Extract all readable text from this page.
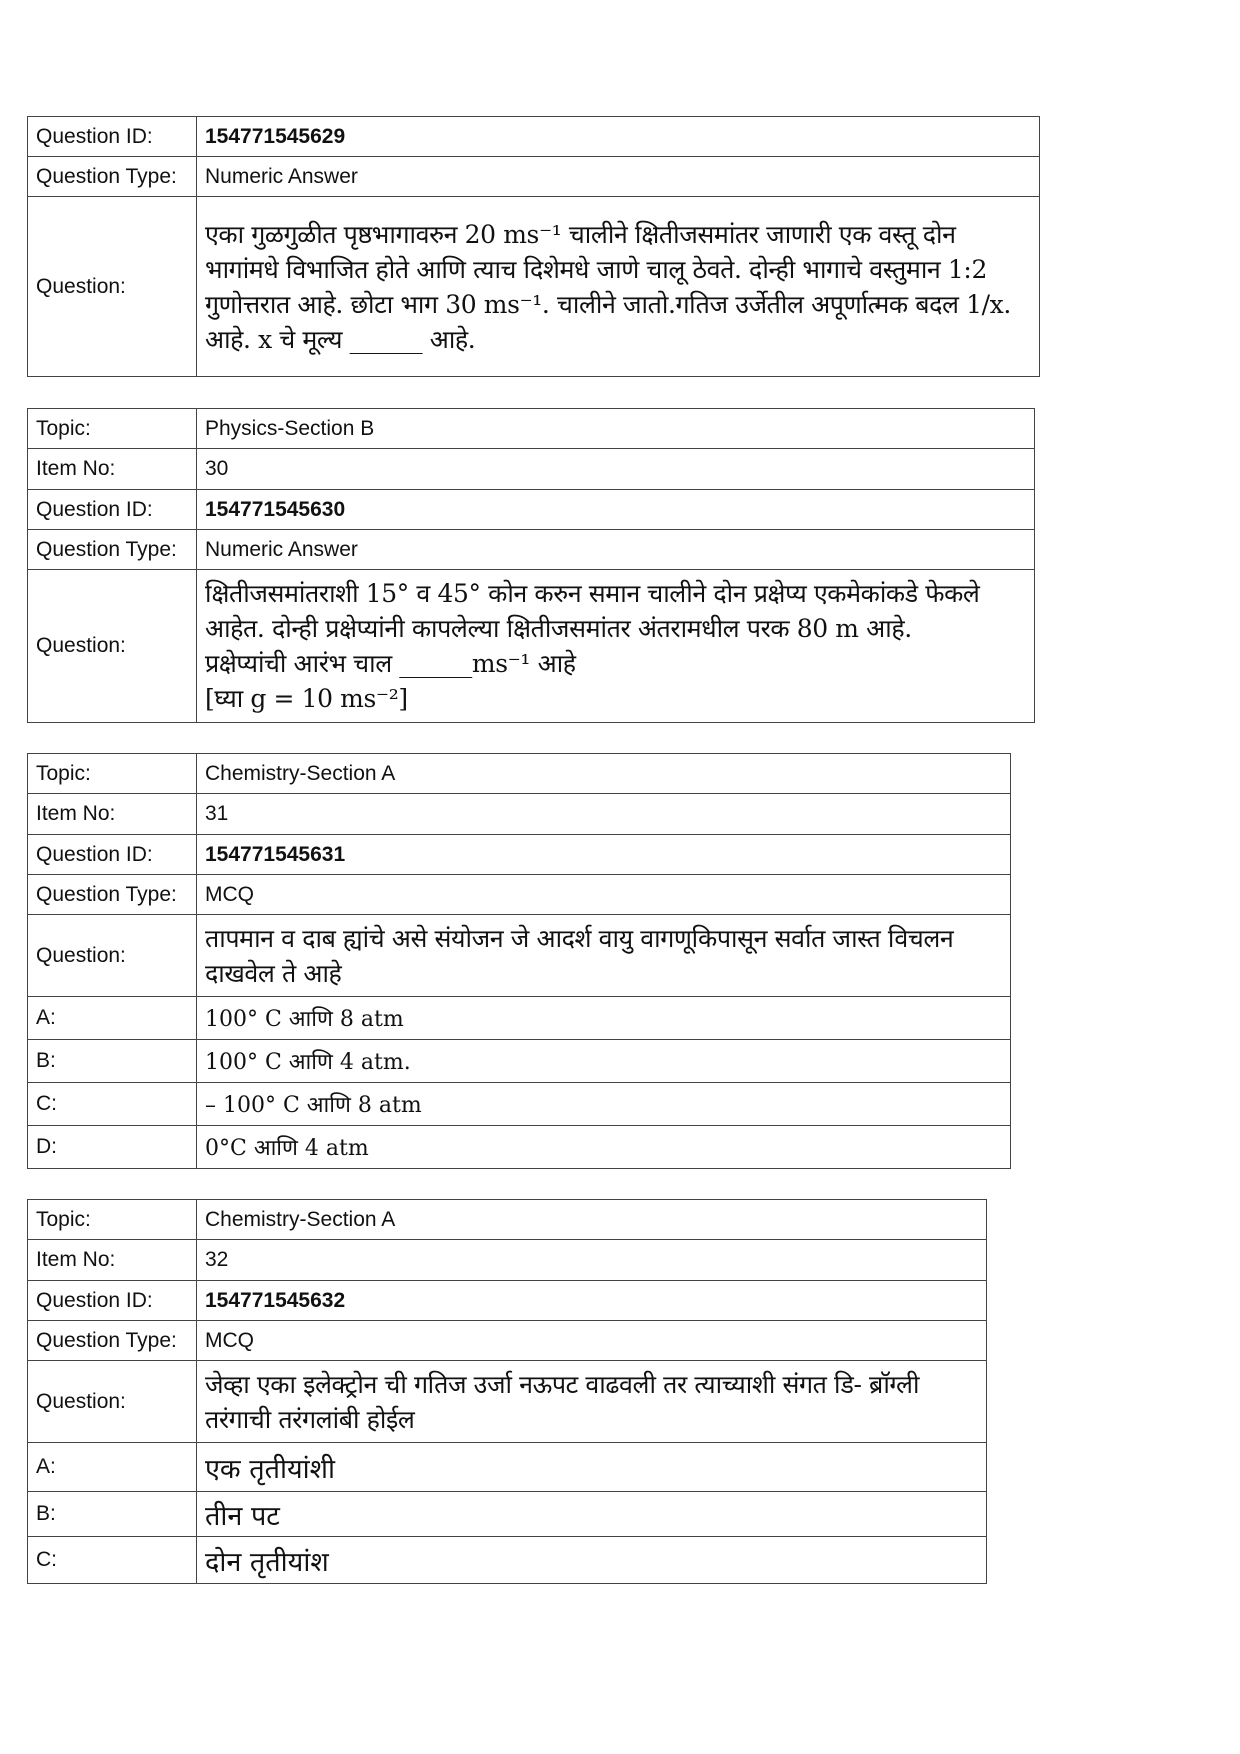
Question ID:	154771545629
Question Type:	Numeric Answer
Question:	एका गुळगुळीत पृष्ठभागावरुन 20 ms⁻¹ चालीने क्षितीजसमांतर जाणारी एक वस्तू दोन
भागांमधे विभाजित होते आणि त्याच दिशेमधे जाणे चालू ठेवते. दोन्ही भागाचे वस्तुमान 1:2
गुणोत्तरात आहे. छोटा भाग 30 ms⁻¹. चालीने जातो.गतिज उर्जेतील अपूर्णात्मक बदल 1/x.
आहे. x चे मूल्य ______ आहे.
Topic:	Physics-Section B
Item No:	30
Question ID:	154771545630
Question Type:	Numeric Answer
Question:	क्षितीजसमांतराशी 15° व 45° कोन करुन समान चालीने दोन प्रक्षेप्य एकमेकांकडे फेकले
आहेत. दोन्ही प्रक्षेप्यांनी कापलेल्या क्षितीजसमांतर अंतरामधील परक 80 m आहे.
प्रक्षेप्यांची आरंभ चाल ______ms⁻¹ आहे
[घ्या g = 10 ms⁻²]
Topic:	Chemistry-Section A
Item No:	31
Question ID:	154771545631
Question Type:	MCQ
Question:	तापमान व दाब ह्यांचे असे संयोजन जे आदर्श वायु वागणूकिपासून सर्वात जास्त विचलन
दाखवेल ते आहे

A:	100° C आणि 8 atm
B:	100° C आणि 4 atm.
C:	– 100° C आणि 8 atm
D:	0°C आणि 4 atm
Topic:	Chemistry-Section A
Item No:	32
Question ID:	154771545632
Question Type:	MCQ
Question:	जेव्हा एका इलेक्ट्रोन ची गतिज उर्जा नऊपट वाढवली तर त्याच्याशी संगत डि- ब्रॉग्ली
तरंगाची तरंगलांबी होईल

A:	एक तृतीयांशी
B:	तीन पट
C:	दोन तृतीयांश
